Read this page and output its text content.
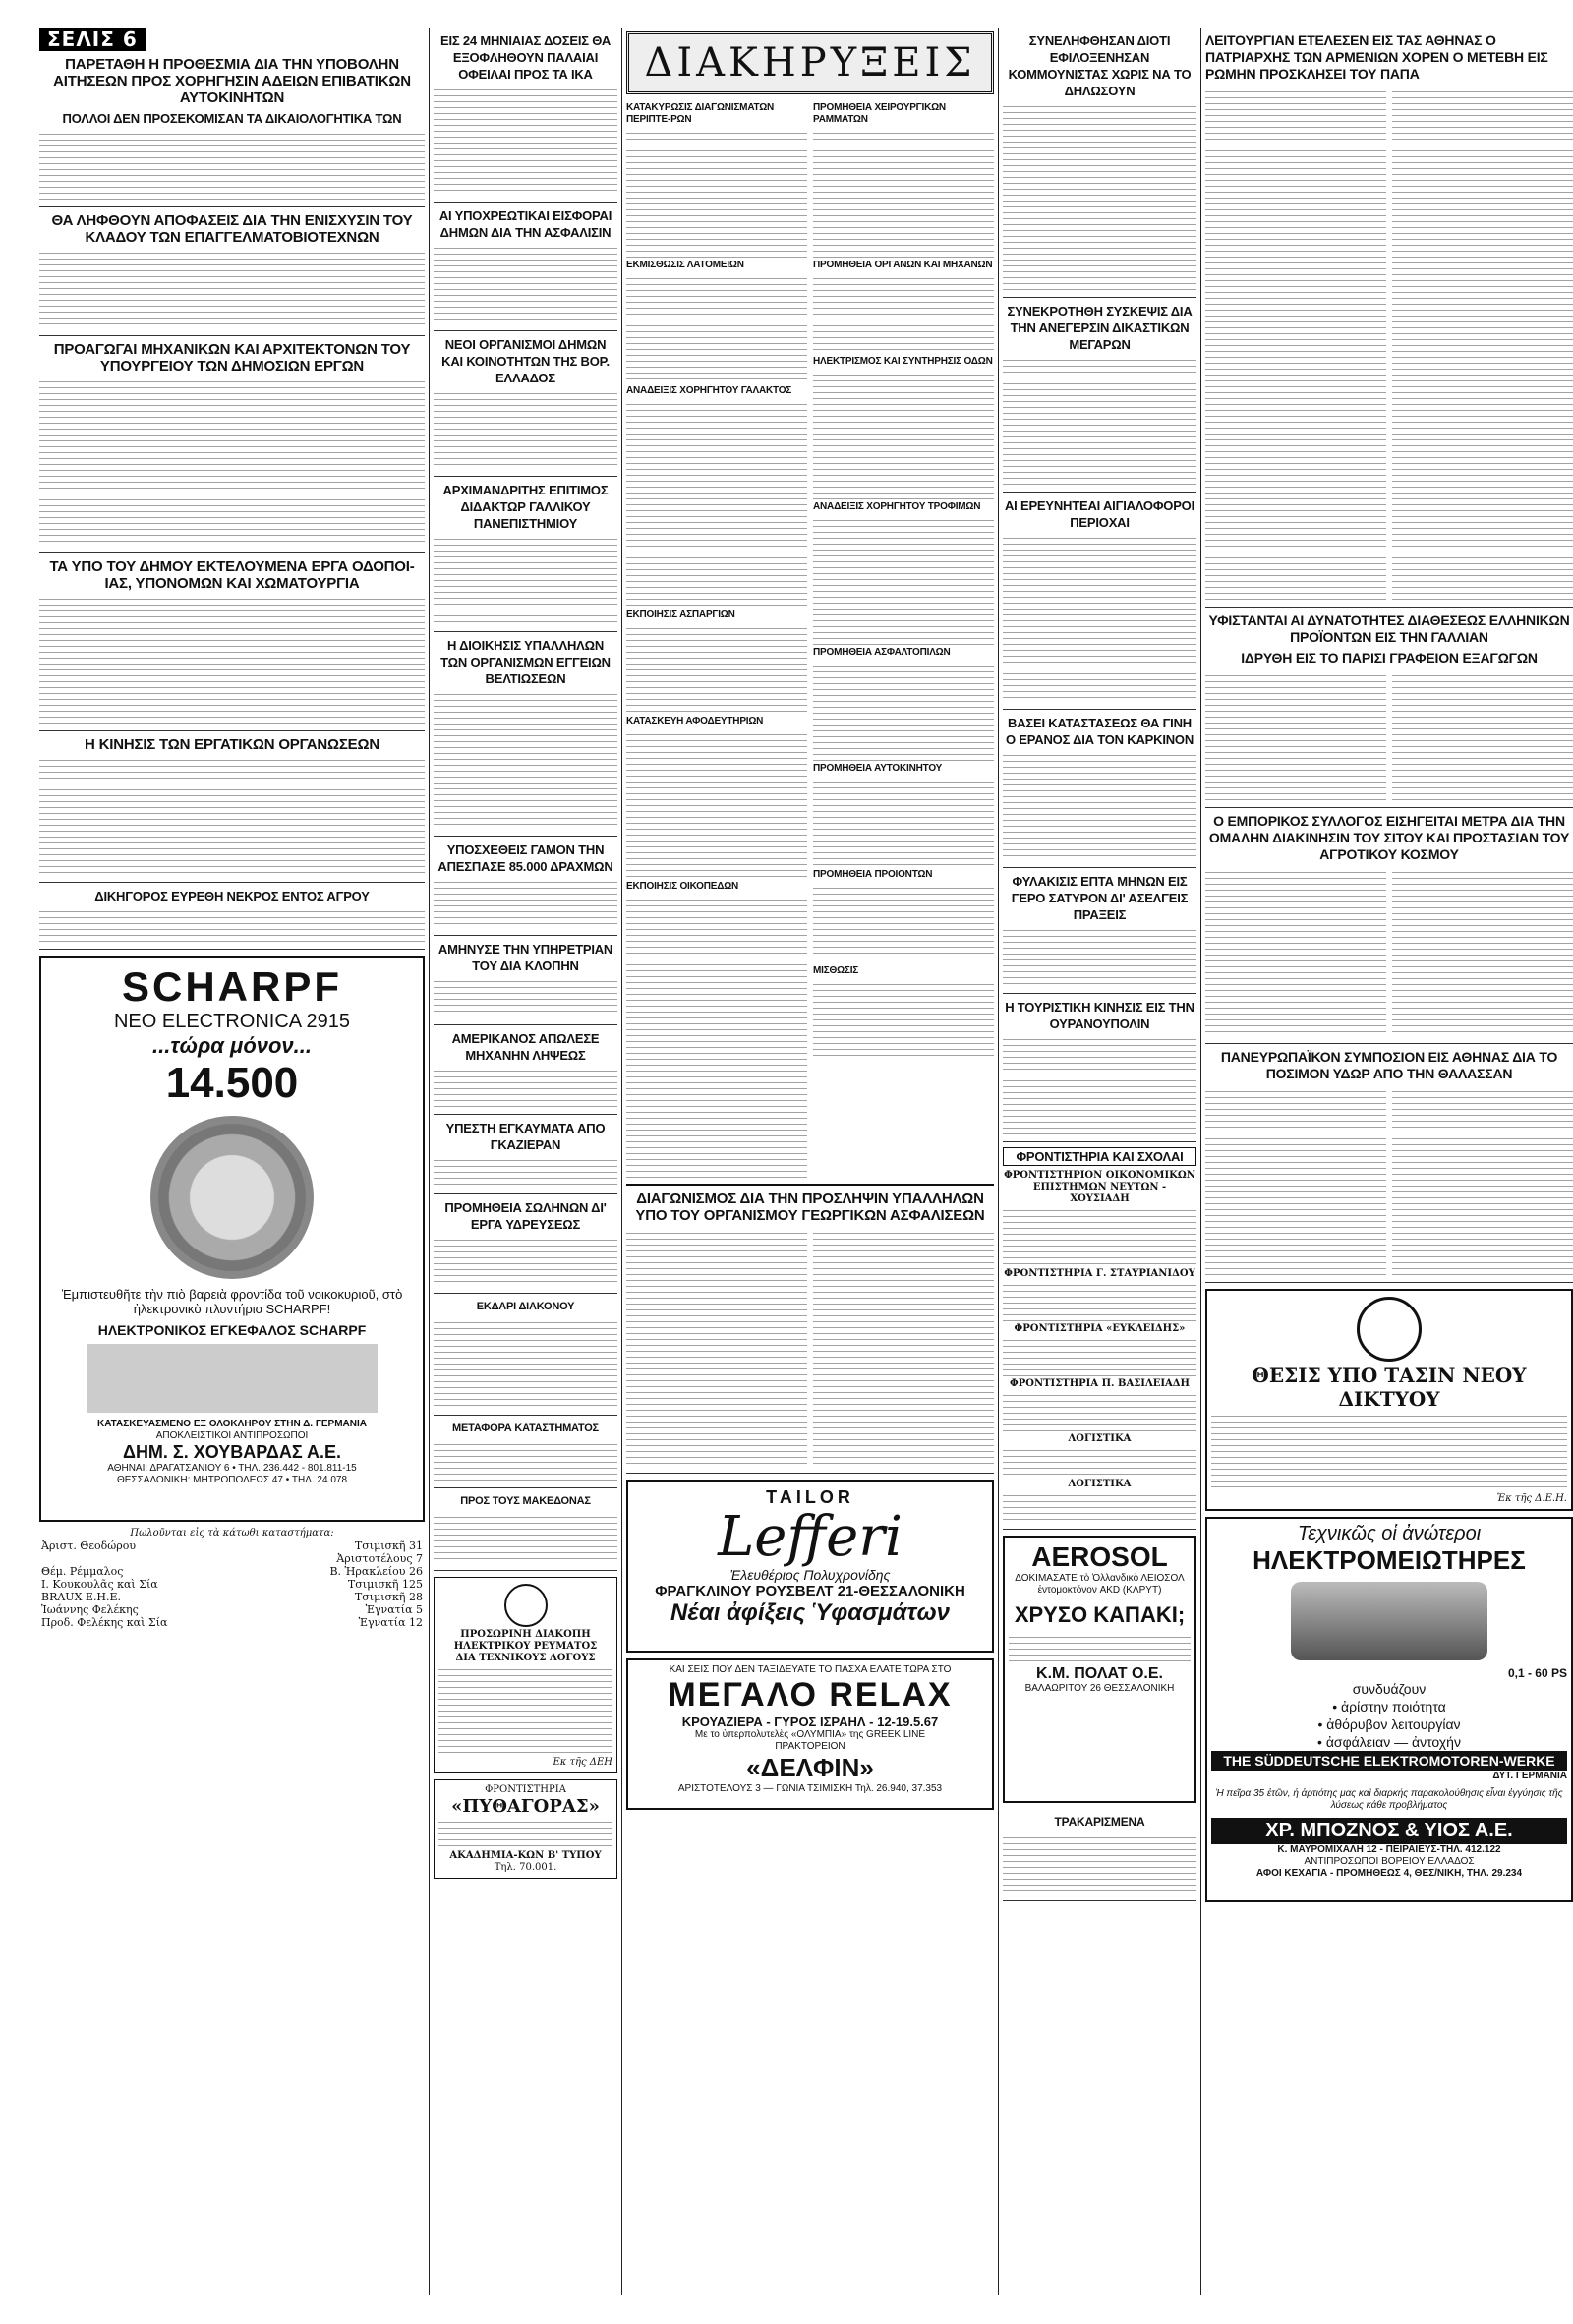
ΣΕΛΙΣ 6
ΠΑΡΕΤΑΘΗ Η ΠΡΟΘΕΣΜΙΑ ΔΙΑ ΤΗΝ ΥΠΟΒΟΛΗΝ ΑΙΤΗΣΕΩΝ ΠΡΟΣ ΧΟΡΗΓΗΣΙΝ ΑΔΕΙΩΝ ΕΠΙΒΑΤΙΚΩΝ ΑΥΤΟΚΙΝΗΤΩΝ
ΠΟΛΛΟΙ ΔΕΝ ΠΡΟΣΕΚΟΜΙΣΑΝ ΤΑ ΔΙΚΑΙΟΛΟΓΗΤΙΚΑ ΤΩΝ
ΘΑ ΛΗΦΘΟΥΝ ΑΠΟΦΑΣΕΙΣ ΔΙΑ ΤΗΝ ΕΝΙΣΧΥΣΙΝ ΤΟΥ ΚΛΑΔΟΥ ΤΩΝ ΕΠΑΓΓΕΛΜΑΤΟΒΙΟΤΕΧΝΩΝ
ΠΡΟΑΓΩΓΑΙ ΜΗΧΑΝΙΚΩΝ ΚΑΙ ΑΡΧΙΤΕΚΤΟΝΩΝ ΤΟΥ ΥΠΟΥΡΓΕΙΟΥ ΤΩΝ ΔΗΜΟΣΙΩΝ ΕΡΓΩΝ
ΤΑ ΥΠΟ ΤΟΥ ΔΗΜΟΥ ΕΚΤΕΛΟΥΜΕΝΑ ΕΡΓΑ ΟΔΟΠΟΙ-ΙΑΣ, ΥΠΟΝΟΜΩΝ ΚΑΙ ΧΩΜΑΤΟΥΡΓΙΑ
Η ΚΙΝΗΣΙΣ ΤΩΝ ΕΡΓΑΤΙΚΩΝ ΟΡΓΑΝΩΣΕΩΝ
ΔΙΚΗΓΟΡΟΣ ΕΥΡΕΘΗ ΝΕΚΡΟΣ ΕΝΤΟΣ ΑΓΡΟΥ
SCHARPF
ΝΕΟ ELECTRONICA 2915
...τώρα μόνον...
14.500
Ἐμπιστευθῆτε τὴν πιὸ βαρειὰ φροντίδα τοῦ νοικοκυριοῦ, στὸ ἠλεκτρονικὸ πλυντήριο SCHARPF!
ΗΛΕΚΤΡΟΝΙΚΟΣ ΕΓΚΕΦΑΛΟΣ SCHARPF
ΚΑΤΑΣΚΕΥΑΣΜΕΝΟ ΕΞ ΟΛΟΚΛΗΡΟΥ ΣΤΗΝ Δ. ΓΕΡΜΑΝΙΑ
ΑΠΟΚΛΕΙΣΤΙΚΟΙ ΑΝΤΙΠΡΟΣΩΠΟΙ
ΔΗΜ. Σ. ΧΟΥΒΑΡΔΑΣ Α.Ε.
ΑΘΗΝΑΙ: ΔΡΑΓΑΤΣΑΝΙΟΥ 6 • ΤΗΛ. 236.442 - 801.811-15
ΘΕΣΣΑΛΟΝΙΚΗ: ΜΗΤΡΟΠΟΛΕΩΣ 47 • ΤΗΛ. 24.078
Πωλοῦνται εἰς τὰ κάτωθι καταστήματα:
Ἀριστ. Θεοδώρου	Τσιμισκῆ 31
	Ἀριστοτέλους 7
Θέμ. Ρέμμαλος	Β. Ἡρακλείου 26
Ι. Κουκουλᾶς καὶ Σία	Τσιμισκῆ 125
BRAUX E.H.E.	Τσιμισκῆ 28
Ἰωάννης Φελέκης	Ἐγνατία 5
Προδ. Φελέκης καὶ Σία	Ἐγνατία 12
ΕΙΣ 24 ΜΗΝΙΑΙΑΣ ΔΟΣΕΙΣ ΘΑ ΕΞΟΦΛΗΘΟΥΝ ΠΑΛΑΙΑΙ ΟΦΕΙΛΑΙ ΠΡΟΣ ΤΑ ΙΚΑ
ΑΙ ΥΠΟΧΡΕΩΤΙΚΑΙ ΕΙΣΦΟΡΑΙ ΔΗΜΩΝ ΔΙΑ ΤΗΝ ΑΣΦΑΛΙΣΙΝ
ΝΕΟΙ ΟΡΓΑΝΙΣΜΟΙ ΔΗΜΩΝ ΚΑΙ ΚΟΙΝΟΤΗΤΩΝ ΤΗΣ ΒΟΡ. ΕΛΛΑΔΟΣ
ΑΡΧΙΜΑΝΔΡΙΤΗΣ ΕΠΙΤΙΜΟΣ ΔΙΔΑΚΤΩΡ ΓΑΛΛΙΚΟΥ ΠΑΝΕΠΙΣΤΗΜΙΟΥ
Η ΔΙΟΙΚΗΣΙΣ ΥΠΑΛΛΗΛΩΝ ΤΩΝ ΟΡΓΑΝΙΣΜΩΝ ΕΓΓΕΙΩΝ ΒΕΛΤΙΩΣΕΩΝ
ΥΠΟΣΧΕΘΕΙΣ ΓΑΜΟΝ ΤΗΝ ΑΠΕΣΠΑΣΕ 85.000 ΔΡΑΧΜΩΝ
ΑΜΗΝΥΣΕ ΤΗΝ ΥΠΗΡΕΤΡΙΑΝ ΤΟΥ ΔΙΑ ΚΛΟΠΗΝ
ΑΜΕΡΙΚΑΝΟΣ ΑΠΩΛΕΣΕ ΜΗΧΑΝΗΝ ΛΗΨΕΩΣ
ΥΠΕΣΤΗ ΕΓΚΑΥΜΑΤΑ ΑΠΟ ΓΚΑΖΙΕΡΑΝ
ΠΡΟΜΗΘΕΙΑ ΣΩΛΗΝΩΝ ΔΙ' ΕΡΓΑ ΥΔΡΕΥΣΕΩΣ
ΕΚΔΑΡΙ ΔΙΑΚΟΝΟΥ
ΜΕΤΑΦΟΡΑ ΚΑΤΑΣΤΗΜΑΤΟΣ
ΠΡΟΣ ΤΟΥΣ ΜΑΚΕΔΟΝΑΣ
ΠΡΟΣΩΡΙΝΗ ΔΙΑΚΟΠΗ
ΗΛΕΚΤΡΙΚΟΥ ΡΕΥΜΑΤΟΣ
ΔΙΑ ΤΕΧΝΙΚΟΥΣ ΛΟΓΟΥΣ
Ἐκ τῆς ΔΕΗ
ΦΡΟΝΤΙΣΤΗΡΙΑ
«ΠΥΘΑΓΟΡΑΣ»
ΑΚΑΔΗΜΙΑ-ΚΩΝ Β' ΤΥΠΟΥ
Τηλ. 70.001.
ΔΙΑΚΗΡΥΞΕΙΣ
ΚΑΤΑΚΥΡΩΣΙΣ ΔΙΑΓΩΝΙΣΜΑΤΩΝ ΠΕΡΙΠΤΕ-ΡΩΝ
ΕΚΜΙΣΘΩΣΙΣ ΛΑΤΟΜΕΙΩΝ
ΑΝΑΔΕΙΞΙΣ ΧΟΡΗΓΗΤΟΥ ΓΑΛΑΚΤΟΣ
ΕΚΠΟΙΗΣΙΣ ΑΣΠΑΡΓΙΩΝ
ΚΑΤΑΣΚΕΥΗ ΑΦΟΔΕΥΤΗΡΙΩΝ
ΕΚΠΟΙΗΣΙΣ ΟΙΚΟΠΕΔΩΝ
ΠΡΟΜΗΘΕΙΑ ΧΕΙΡΟΥΡΓΙΚΩΝ ΡΑΜΜΑΤΩΝ
ΠΡΟΜΗΘΕΙΑ ΟΡΓΑΝΩΝ ΚΑΙ ΜΗΧΑΝΩΝ
ΗΛΕΚΤΡΙΣΜΟΣ ΚΑΙ ΣΥΝΤΗΡΗΣΙΣ ΟΔΩΝ
ΑΝΑΔΕΙΞΙΣ ΧΟΡΗΓΗΤΟΥ ΤΡΟΦΙΜΩΝ
ΠΡΟΜΗΘΕΙΑ ΑΣΦΑΛΤΟΠΙΛΩΝ
ΠΡΟΜΗΘΕΙΑ ΑΥΤΟΚΙΝΗΤΟΥ
ΠΡΟΜΗΘΕΙΑ ΠΡΟΙΟΝΤΩΝ
ΜΙΣΘΩΣΙΣ
ΔΙΑΓΩΝΙΣΜΟΣ ΔΙΑ ΤΗΝ ΠΡΟΣΛΗΨΙΝ ΥΠΑΛΛΗΛΩΝ ΥΠΟ ΤΟΥ ΟΡΓΑΝΙΣΜΟΥ ΓΕΩΡΓΙΚΩΝ ΑΣΦΑΛΙΣΕΩΝ
TAILOR
Lefferi
Ἐλευθέριος Πολυχρονίδης
ΦΡΑΓΚΛΙΝΟΥ ΡΟΥΣΒΕΛΤ 21-ΘΕΣΣΑΛΟΝΙΚΗ
Νέαι ἀφίξεις Ὑφασμάτων
ΚΑΙ ΣΕΙΣ ΠΟΥ ΔΕΝ ΤΑΞΙΔΕΥΑΤΕ ΤΟ ΠΑΣΧΑ ΕΛΑΤΕ ΤΩΡΑ ΣΤΟ
ΜΕΓΑΛΟ RELAX
ΚΡΟΥΑΖΙΕΡΑ - ΓΥΡΟΣ ΙΣΡΑΗΛ - 12-19.5.67
Με το ὑπερπολυτελὲς «ΟΛΥΜΠΙΑ» της GREEK LINE
ΠΡΑΚΤΟΡΕΙΟΝ
«ΔΕΛΦΙΝ»
ΑΡΙΣΤΟΤΕΛΟΥΣ 3 — ΓΩΝΙΑ ΤΣΙΜΙΣΚΗ Τηλ. 26.940, 37.353
ΣΥΝΕΛΗΦΘΗΣΑΝ ΔΙΟΤΙ ΕΦΙΛΟΞΕΝΗΣΑΝ ΚΟΜΜΟΥΝΙΣΤΑΣ ΧΩΡΙΣ ΝΑ ΤΟ ΔΗΛΩΣΟΥΝ
ΣΥΝΕΚΡΟΤΗΘΗ ΣΥΣΚΕΨΙΣ ΔΙΑ ΤΗΝ ΑΝΕΓΕΡΣΙΝ ΔΙΚΑΣΤΙΚΩΝ ΜΕΓΑΡΩΝ
ΑΙ ΕΡΕΥΝΗΤΕΑΙ ΑΙΓΙΑΛΟΦΟΡΟΙ ΠΕΡΙΟΧΑΙ
ΒΑΣΕΙ ΚΑΤΑΣΤΑΣΕΩΣ ΘΑ ΓΙΝΗ Ο ΕΡΑΝΟΣ ΔΙΑ ΤΟΝ ΚΑΡΚΙΝΟΝ
ΦΥΛΑΚΙΣΙΣ ΕΠΤΑ ΜΗΝΩΝ ΕΙΣ ΓΕΡΟ ΣΑΤΥΡΟΝ ΔΙ' ΑΣΕΛΓΕΙΣ ΠΡΑΞΕΙΣ
Η ΤΟΥΡΙΣΤΙΚΗ ΚΙΝΗΣΙΣ ΕΙΣ ΤΗΝ ΟΥΡΑΝΟΥΠΟΛΙΝ
ΦΡΟΝΤΙΣΤΗΡΙΑ ΚΑΙ ΣΧΟΛΑΙ
ΦΡΟΝΤΙΣΤΗΡΙΟΝ ΟΙΚΟΝΟΜΙΚΩΝ ΕΠΙΣΤΗΜΩΝ ΝΕΥΤΩΝ - ΧΟΥΣΙΑΔΗ
ΦΡΟΝΤΙΣΤΗΡΙΑ Γ. ΣΤΑΥΡΙΑΝΙΔΟΥ
ΦΡΟΝΤΙΣΤΗΡΙΑ «ΕΥΚΛΕΙΔΗΣ»
ΦΡΟΝΤΙΣΤΗΡΙΑ Π. ΒΑΣΙΛΕΙΑΔΗ
ΛΟΓΙΣΤΙΚΑ
ΛΟΓΙΣΤΙΚΑ
AEROSOL
ΔΟΚΙΜΑΣΑΤΕ τὸ Ὁλλανδικὸ ΛΕΙΟΣΟΛ ἐντομοκτόνον AKD (ΚΛΡΥΤ)
ΧΡΥΣΟ ΚΑΠΑΚΙ;
Κ.Μ. ΠΟΛΑΤ Ο.Ε.
ΒΑΛΑΩΡΙΤΟΥ 26 ΘΕΣΣΑΛΟΝΙΚΗ
ΤΡΑΚΑΡΙΣΜΕΝΑ
ΛΕΙΤΟΥΡΓΙΑΝ ΕΤΕΛΕΣΕΝ ΕΙΣ ΤΑΣ ΑΘΗΝΑΣ Ο ΠΑΤΡΙΑΡΧΗΣ ΤΩΝ ΑΡΜΕΝΙΩΝ ΧΟΡΕΝ Ο ΜΕΤΕΒΗ ΕΙΣ ΡΩΜΗΝ ΠΡΟΣΚΛΗΣΕΙ ΤΟΥ ΠΑΠΑ
ΥΦΙΣΤΑΝΤΑΙ ΑΙ ΔΥΝΑΤΟΤΗΤΕΣ ΔΙΑΘΕΣΕΩΣ ΕΛΛΗΝΙΚΩΝ ΠΡΟΪΟΝΤΩΝ ΕΙΣ ΤΗΝ ΓΑΛΛΙΑΝ
ΙΔΡΥΘΗ ΕΙΣ ΤΟ ΠΑΡΙΣΙ ΓΡΑΦΕΙΟΝ ΕΞΑΓΩΓΩΝ
Ο ΕΜΠΟΡΙΚΟΣ ΣΥΛΛΟΓΟΣ ΕΙΣΗΓΕΙΤΑΙ ΜΕΤΡΑ ΔΙΑ ΤΗΝ ΟΜΑΛΗΝ ΔΙΑΚΙΝΗΣΙΝ ΤΟΥ ΣΙΤΟΥ ΚΑΙ ΠΡΟΣΤΑΣΙΑΝ ΤΟΥ ΑΓΡΟΤΙΚΟΥ ΚΟΣΜΟΥ
ΠΑΝΕΥΡΩΠΑΪΚΟΝ ΣΥΜΠΟΣΙΟΝ ΕΙΣ ΑΘΗΝΑΣ ΔΙΑ ΤΟ ΠΟΣΙΜΟΝ ΥΔΩΡ ΑΠΟ ΤΗΝ ΘΑΛΑΣΣΑΝ
ΘΕΣΙΣ ΥΠΟ ΤΑΣΙΝ ΝΕΟΥ ΔΙΚΤΥΟΥ
Ἐκ τῆς Δ.Ε.Η.
Τεχνικῶς οἱ ἀνώτεροι
ΗΛΕΚΤΡΟΜΕΙΩΤΗΡΕΣ
0,1 - 60 PS
συνδυάζουν
• ἀρίστην ποιότητα
• ἀθόρυβον λειτουργίαν
• ἀσφάλειαν — ἀντοχήν
THE SÜDDEUTSCHE ELEKTROMOTOREN-WERKE
ΔΥΤ. ΓΕΡΜΑΝΙΑ
Ἡ πεῖρα 35 ἐτῶν, ἡ ἀρτιότης μας καὶ διαρκής παρακολούθησις εἶναι ἐγγύησις τῆς λύσεως κάθε προβλήματος
ΧΡ. ΜΠΟΖΝΟΣ & ΥΙΟΣ Α.Ε.
Κ. ΜΑΥΡΟΜΙΧΑΛΗ 12 - ΠΕΙΡΑΙΕΥΣ-ΤΗΛ. 412.122
ΑΝΤΙΠΡΟΣΩΠΟΙ ΒΟΡΕΙΟΥ ΕΛΛΑΔΟΣ
ΑΦΟΙ ΚΕΧΑΓΙΑ - ΠΡΟΜΗΘΕΩΣ 4, ΘΕΣ/ΝΙΚΗ, ΤΗΛ. 29.234
